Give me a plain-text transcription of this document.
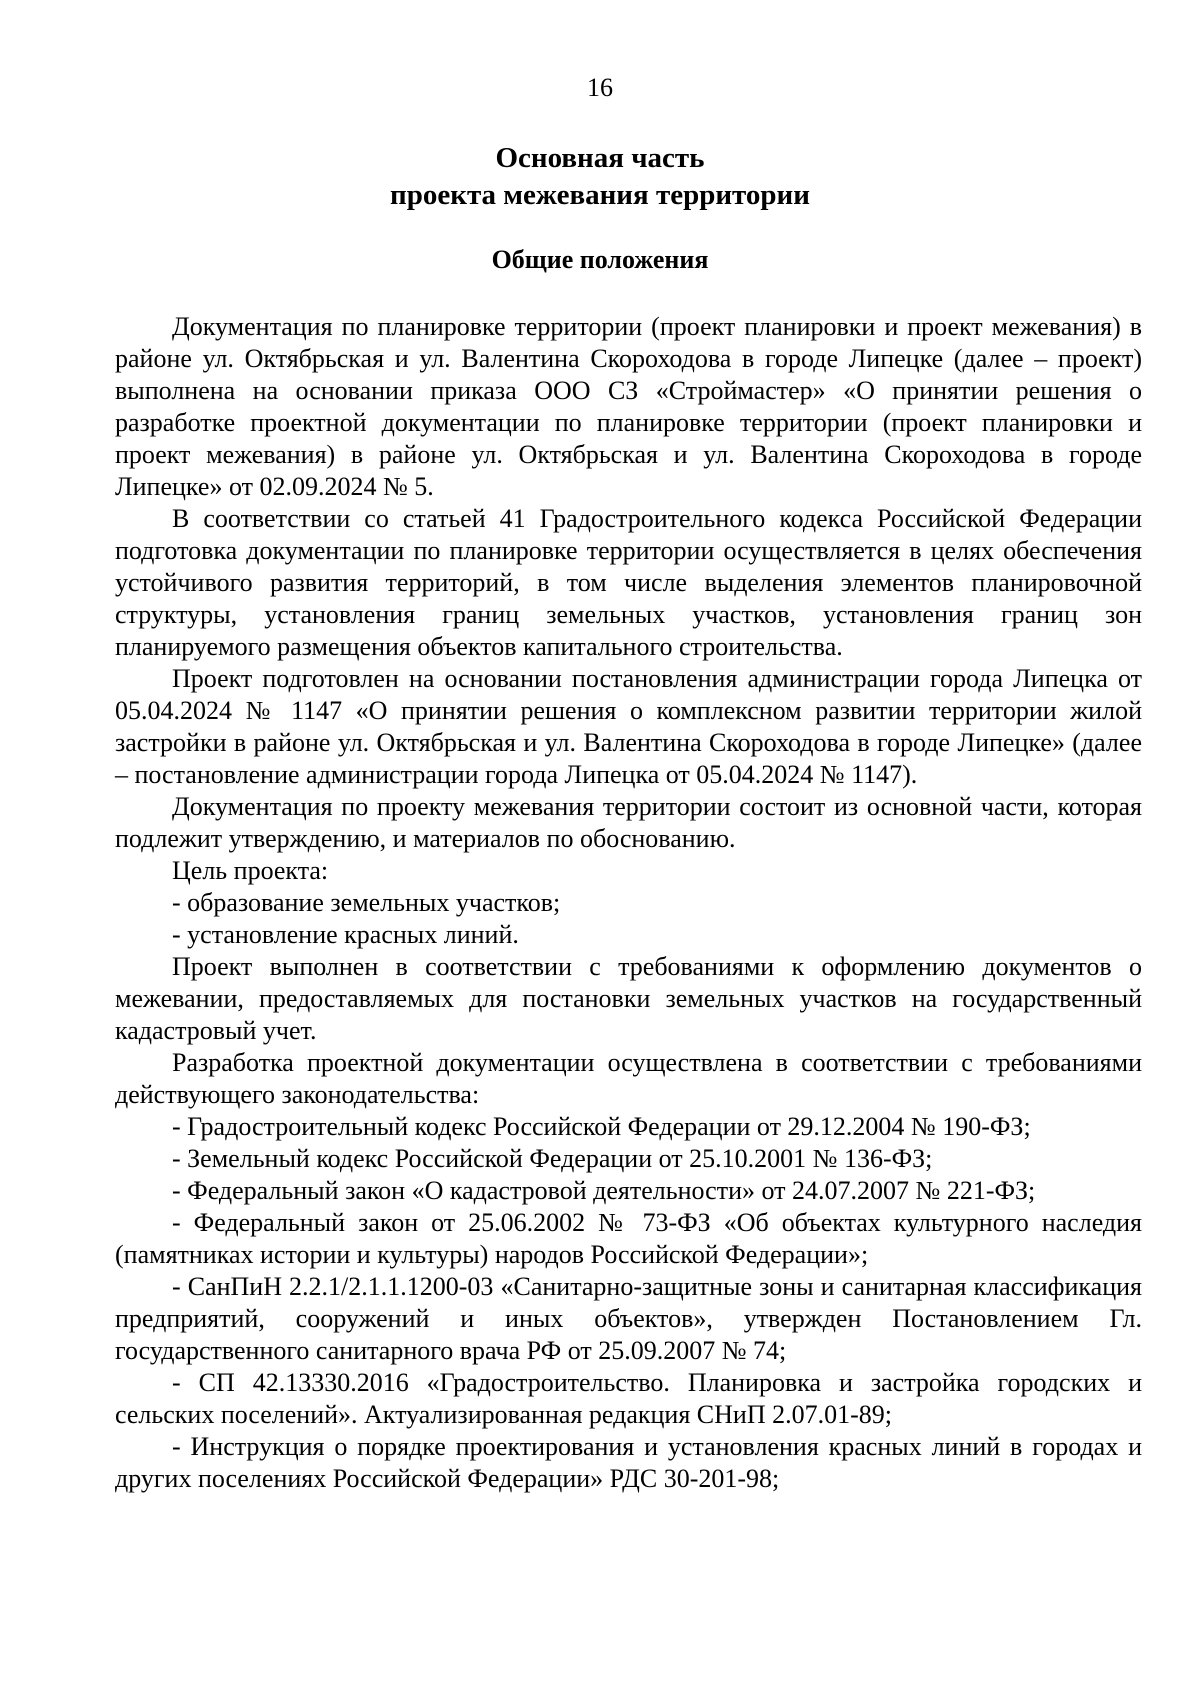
16
Основная часть
проекта межевания территории
Общие положения

Документация по планировке территории (проект планировки и проект межевания) в районе ул. Октябрьская и ул. Валентина Скороходова в городе Липецке (далее – проект) выполнена на основании приказа ООО СЗ «Строймастер» «О принятии решения о разработке проектной документации по планировке территории (проект планировки и проект межевания) в районе ул. Октябрьская и ул. Валентина Скороходова в городе Липецке» от 02.09.2024 № 5.

В соответствии со статьей 41 Градостроительного кодекса Российской Федерации подготовка документации по планировке территории осуществляется в целях обеспечения устойчивого развития территорий, в том числе выделения элементов планировочной структуры, установления границ земельных участков, установления границ зон планируемого размещения объектов капитального строительства.

Проект подготовлен на основании постановления администрации города Липецка от 05.04.2024 № 1147 «О принятии решения о комплексном развитии территории жилой застройки в районе ул. Октябрьская и ул. Валентина Скороходова в городе Липецке» (далее – постановление администрации города Липецка от 05.04.2024 № 1147).

Документация по проекту межевания территории состоит из основной части, которая подлежит утверждению, и материалов по обоснованию.

Цель проекта:

- образование земельных участков;

- установление красных линий.

Проект выполнен в соответствии с требованиями к оформлению документов о межевании, предоставляемых для постановки земельных участков на государственный кадастровый учет.

Разработка проектной документации осуществлена в соответствии с требованиями действующего законодательства:

- Градостроительный кодекс Российской Федерации от 29.12.2004 № 190-ФЗ;

- Земельный кодекс Российской Федерации от 25.10.2001 № 136-ФЗ;

- Федеральный закон «О кадастровой деятельности» от 24.07.2007 № 221-ФЗ;

- Федеральный закон от 25.06.2002 № 73-ФЗ «Об объектах культурного наследия (памятниках истории и культуры) народов Российской Федерации»;

- СанПиН 2.2.1/2.1.1.1200-03 «Санитарно-защитные зоны и санитарная классификация предприятий, сооружений и иных объектов», утвержден Постановлением Гл. государственного санитарного врача РФ от 25.09.2007 № 74;

- СП 42.13330.2016 «Градостроительство. Планировка и застройка городских и сельских поселений». Актуализированная редакция СНиП 2.07.01-89;

- Инструкция о порядке проектирования и установления красных линий в городах и других поселениях Российской Федерации» РДС 30-201-98;
